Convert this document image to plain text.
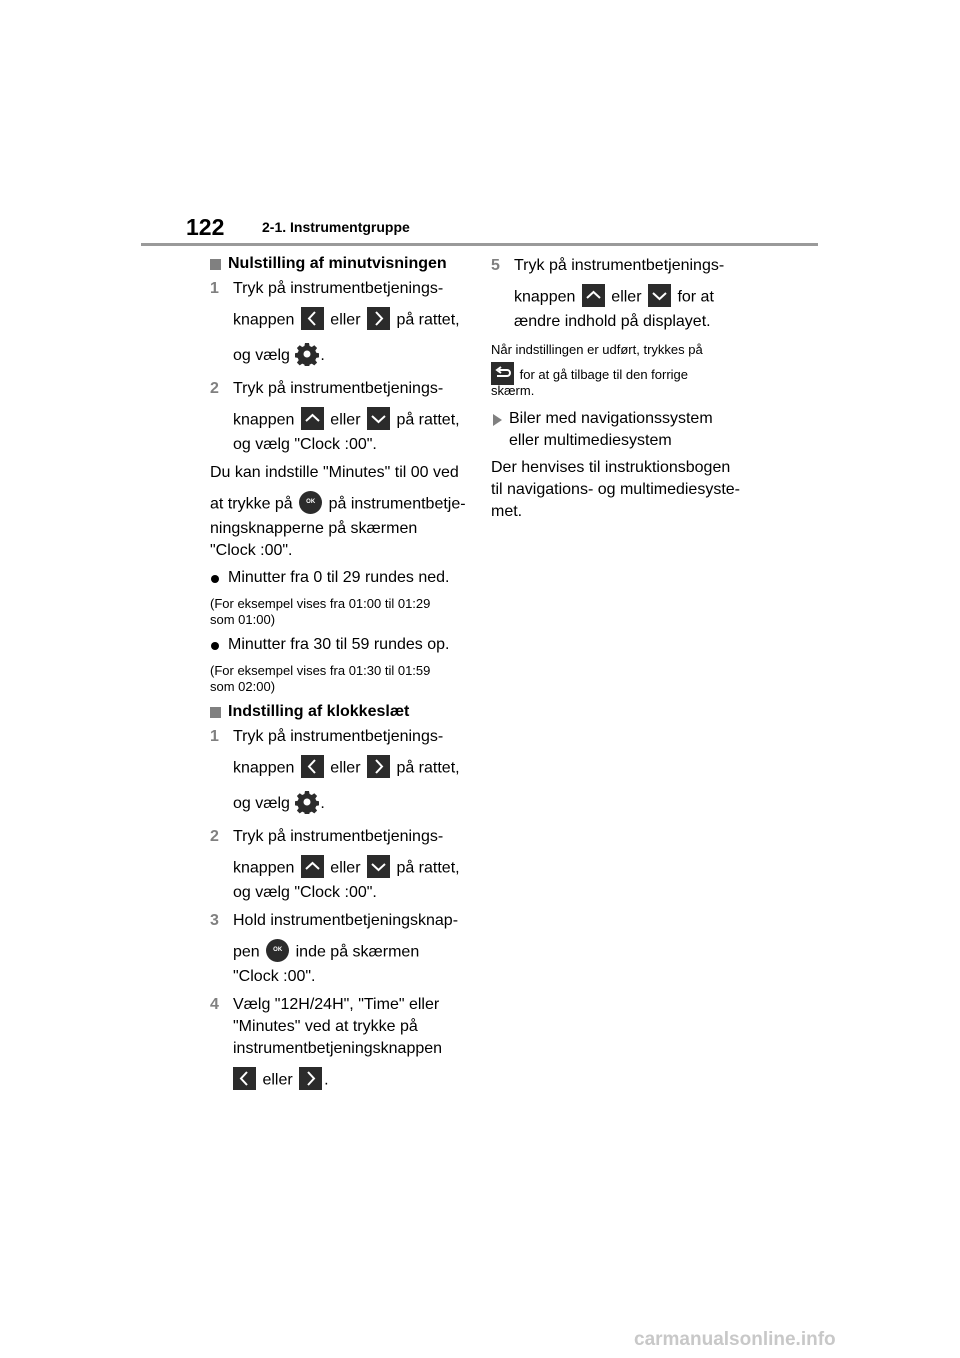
122	2-1. Instrumentgruppe
Nulstilling af minutvisningen
1 Tryk på instrumentbetjenings-
knappen eller på rattet,
og vælg .
2 Tryk på instrumentbetjenings-
knappen eller på rattet,
og vælg "Clock :00".
Du kan indstille "Minutes" til 00 ved
at trykke på OK på instrumentbetje-
ningsknapperne på skærmen
"Clock :00".
Minutter fra 0 til 29 rundes ned.
(For eksempel vises fra 01:00 til 01:29
som 01:00)
Minutter fra 30 til 59 rundes op.
(For eksempel vises fra 01:30 til 01:59
som 02:00)
Indstilling af klokkeslæt
1 Tryk på instrumentbetjenings-
knappen eller på rattet,
og vælg .
2 Tryk på instrumentbetjenings-
knappen eller på rattet,
og vælg "Clock :00".
3 Hold instrumentbetjeningsknap-
pen OK inde på skærmen
"Clock :00".
4 Vælg "12H/24H", "Time" eller
"Minutes" ved at trykke på
instrumentbetjeningsknappen
eller .
5 Tryk på instrumentbetjenings-
knappen eller for at
ændre indhold på displayet.
Når indstillingen er udført, trykkes på
for at gå tilbage til den forrige
skærm.
Biler med navigationssystem
eller multimediesystem
Der henvises til instruktionsbogen
til navigations- og multimediesyste-
met.
carmanualsonline.info
